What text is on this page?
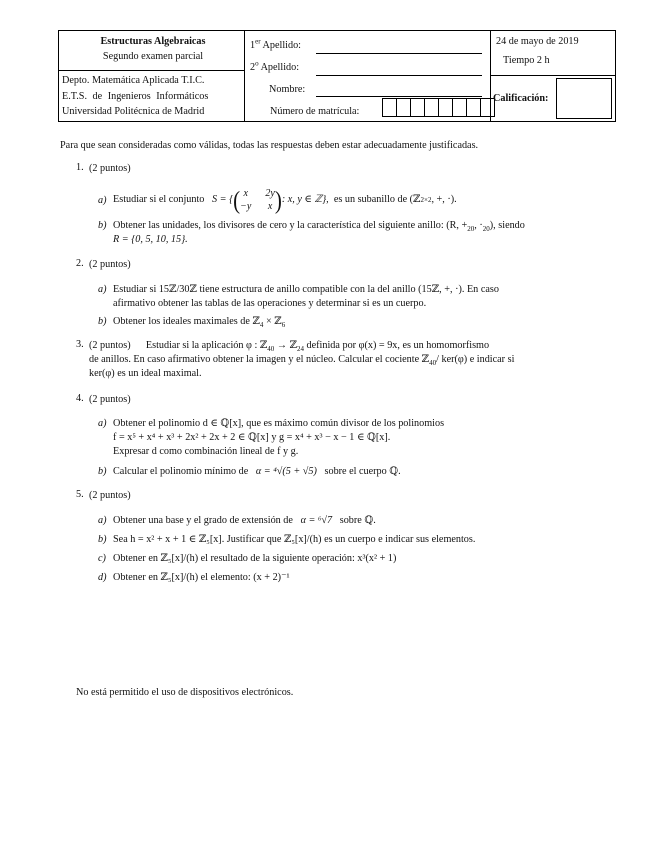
Estructuras Algebraicas
Segundo examen parcial
Depto. Matemática Aplicada T.I.C.
E.T.S. de Ingenieros Informáticos
Universidad Politécnica de Madrid
1er Apellido:
2$^o$ Apellido:
Nombre:
Número de matrícula:
24 de mayo de 2019
Tiempo 2 h
Calificación:
Para que sean consideradas como válidas, todas las respuestas deben estar adecuadamente justificadas.
1. (2 puntos)
a) Estudiar si el conjunto
S = { ( x	2y
−y x ) : x, y ∈ ℤ},
es un subanillo de (ℤ 2×2 , +, ·).
b) Obtener las unidades, los divisores de cero y la característica del siguiente anillo: (R, $+_{20}$, $\cdot_{20}$), siendo
R = {0, 5, 10, 15}.
2. (2 puntos)
a) Estudiar si 15ℤ/30ℤ tiene estructura de anillo compatible con la del anillo (15ℤ, +, ·). En caso
afirmativo obtener las tablas de las operaciones y determinar si es un cuerpo.
b) Obtener los ideales maximales de ℤ$_4$ × ℤ$_6$
3. (2 puntos) Estudiar si la aplicación φ : ℤ$_{40}$ → ℤ$_{24}$ definida por φ(x) = 9x, es un homomorfismo
de anillos. En caso afirmativo obtener la imagen y el núcleo. Calcular el cociente ℤ$_{40}$/ ker(φ) e indicar si
ker(φ) es un ideal maximal.
4. (2 puntos)
a) Obtener el polinomio d ∈ ℚ[x], que es máximo común divisor de los polinomios
f = x⁵ + x⁴ + x³ + 2x² + 2x + 2 ∈ ℚ[x] y g = x⁴ + x³ − x − 1 ∈ ℚ[x].
Expresar d como combinación lineal de f y g.
b) Calcular el polinomio mínimo de α = ⁴√(5 + √5) sobre el cuerpo ℚ.
5. (2 puntos)
a) Obtener una base y el grado de extensión de α = ⁶√7 sobre ℚ.
b) Sea h = x² + x + 1 ∈ ℤ₅[x]. Justificar que ℤ₅[x]/(h) es un cuerpo e indicar sus elementos.
c) Obtener en ℤ₅[x]/(h) el resultado de la siguiente operación: x³(x² + 1)
d) Obtener en ℤ₅[x]/(h) el elemento: (x + 2)⁻¹
No está permitido el uso de dispositivos electrónicos.
